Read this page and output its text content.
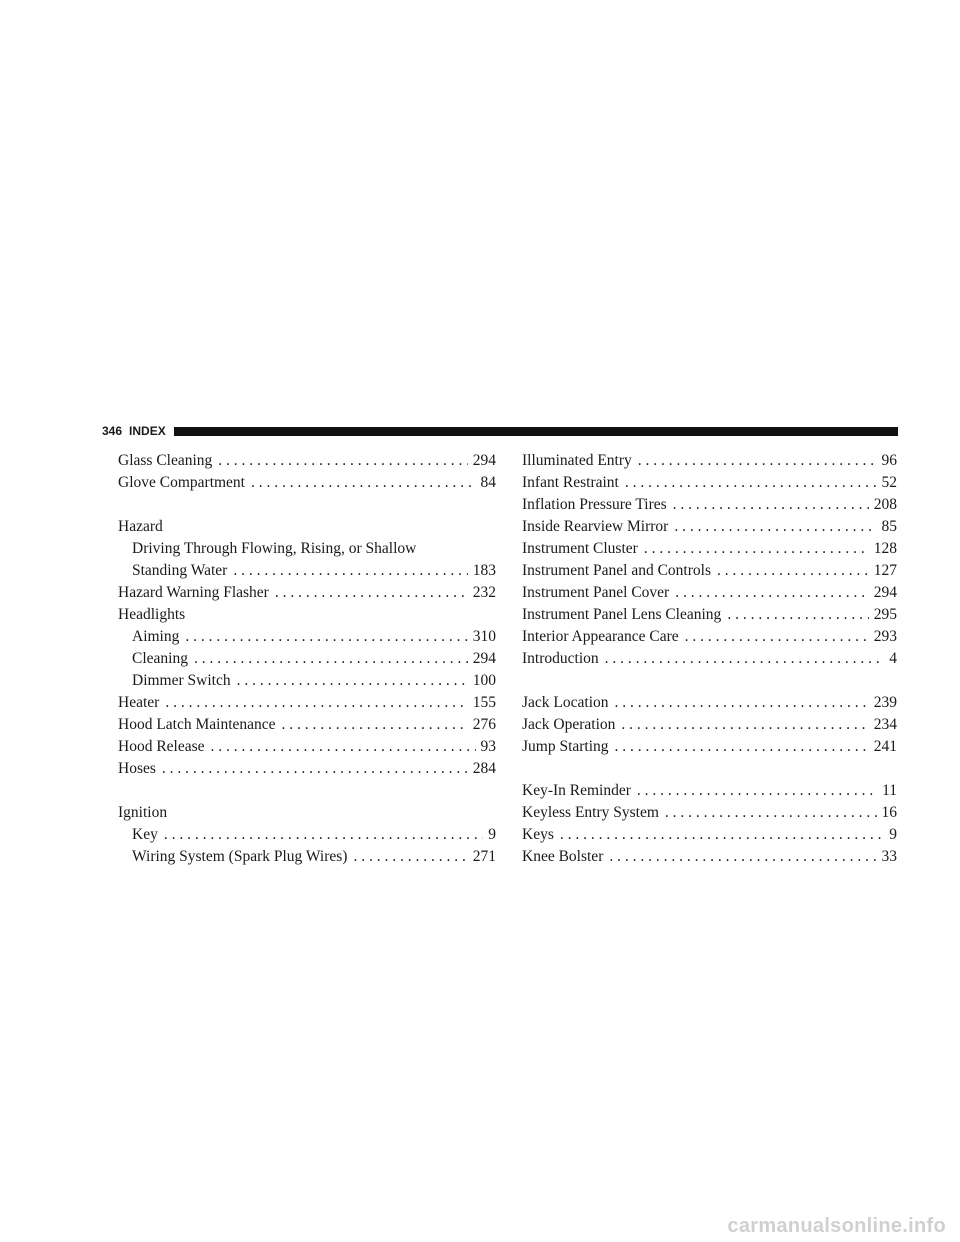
346 INDEX
Glass Cleaning . . .	294
Glove Compartment . . .	84
Hazard
Driving Through Flowing, Rising, or Shallow
Standing Water . . .	183
Hazard Warning Flasher . . .	232
Headlights
Aiming . . .	310
Cleaning . . .	294
Dimmer Switch . . .	100
Heater . . .	155
Hood Latch Maintenance . . .	276
Hood Release . . .	93
Hoses . . .	284
Ignition
Key . . .	9
Wiring System (Spark Plug Wires) . . .	271
Illuminated Entry . . .	96
Infant Restraint . . .	52
Inflation Pressure Tires . . .	208
Inside Rearview Mirror . . .	85
Instrument Cluster . . .	128
Instrument Panel and Controls . . .	127
Instrument Panel Cover . . .	294
Instrument Panel Lens Cleaning . . .	295
Interior Appearance Care . . .	293
Introduction . . .	4
Jack Location . . .	239
Jack Operation . . .	234
Jump Starting . . .	241
Key-In Reminder . . .	11
Keyless Entry System . . .	16
Keys . . .	9
Knee Bolster . . .	33
carmanualsonline.info
